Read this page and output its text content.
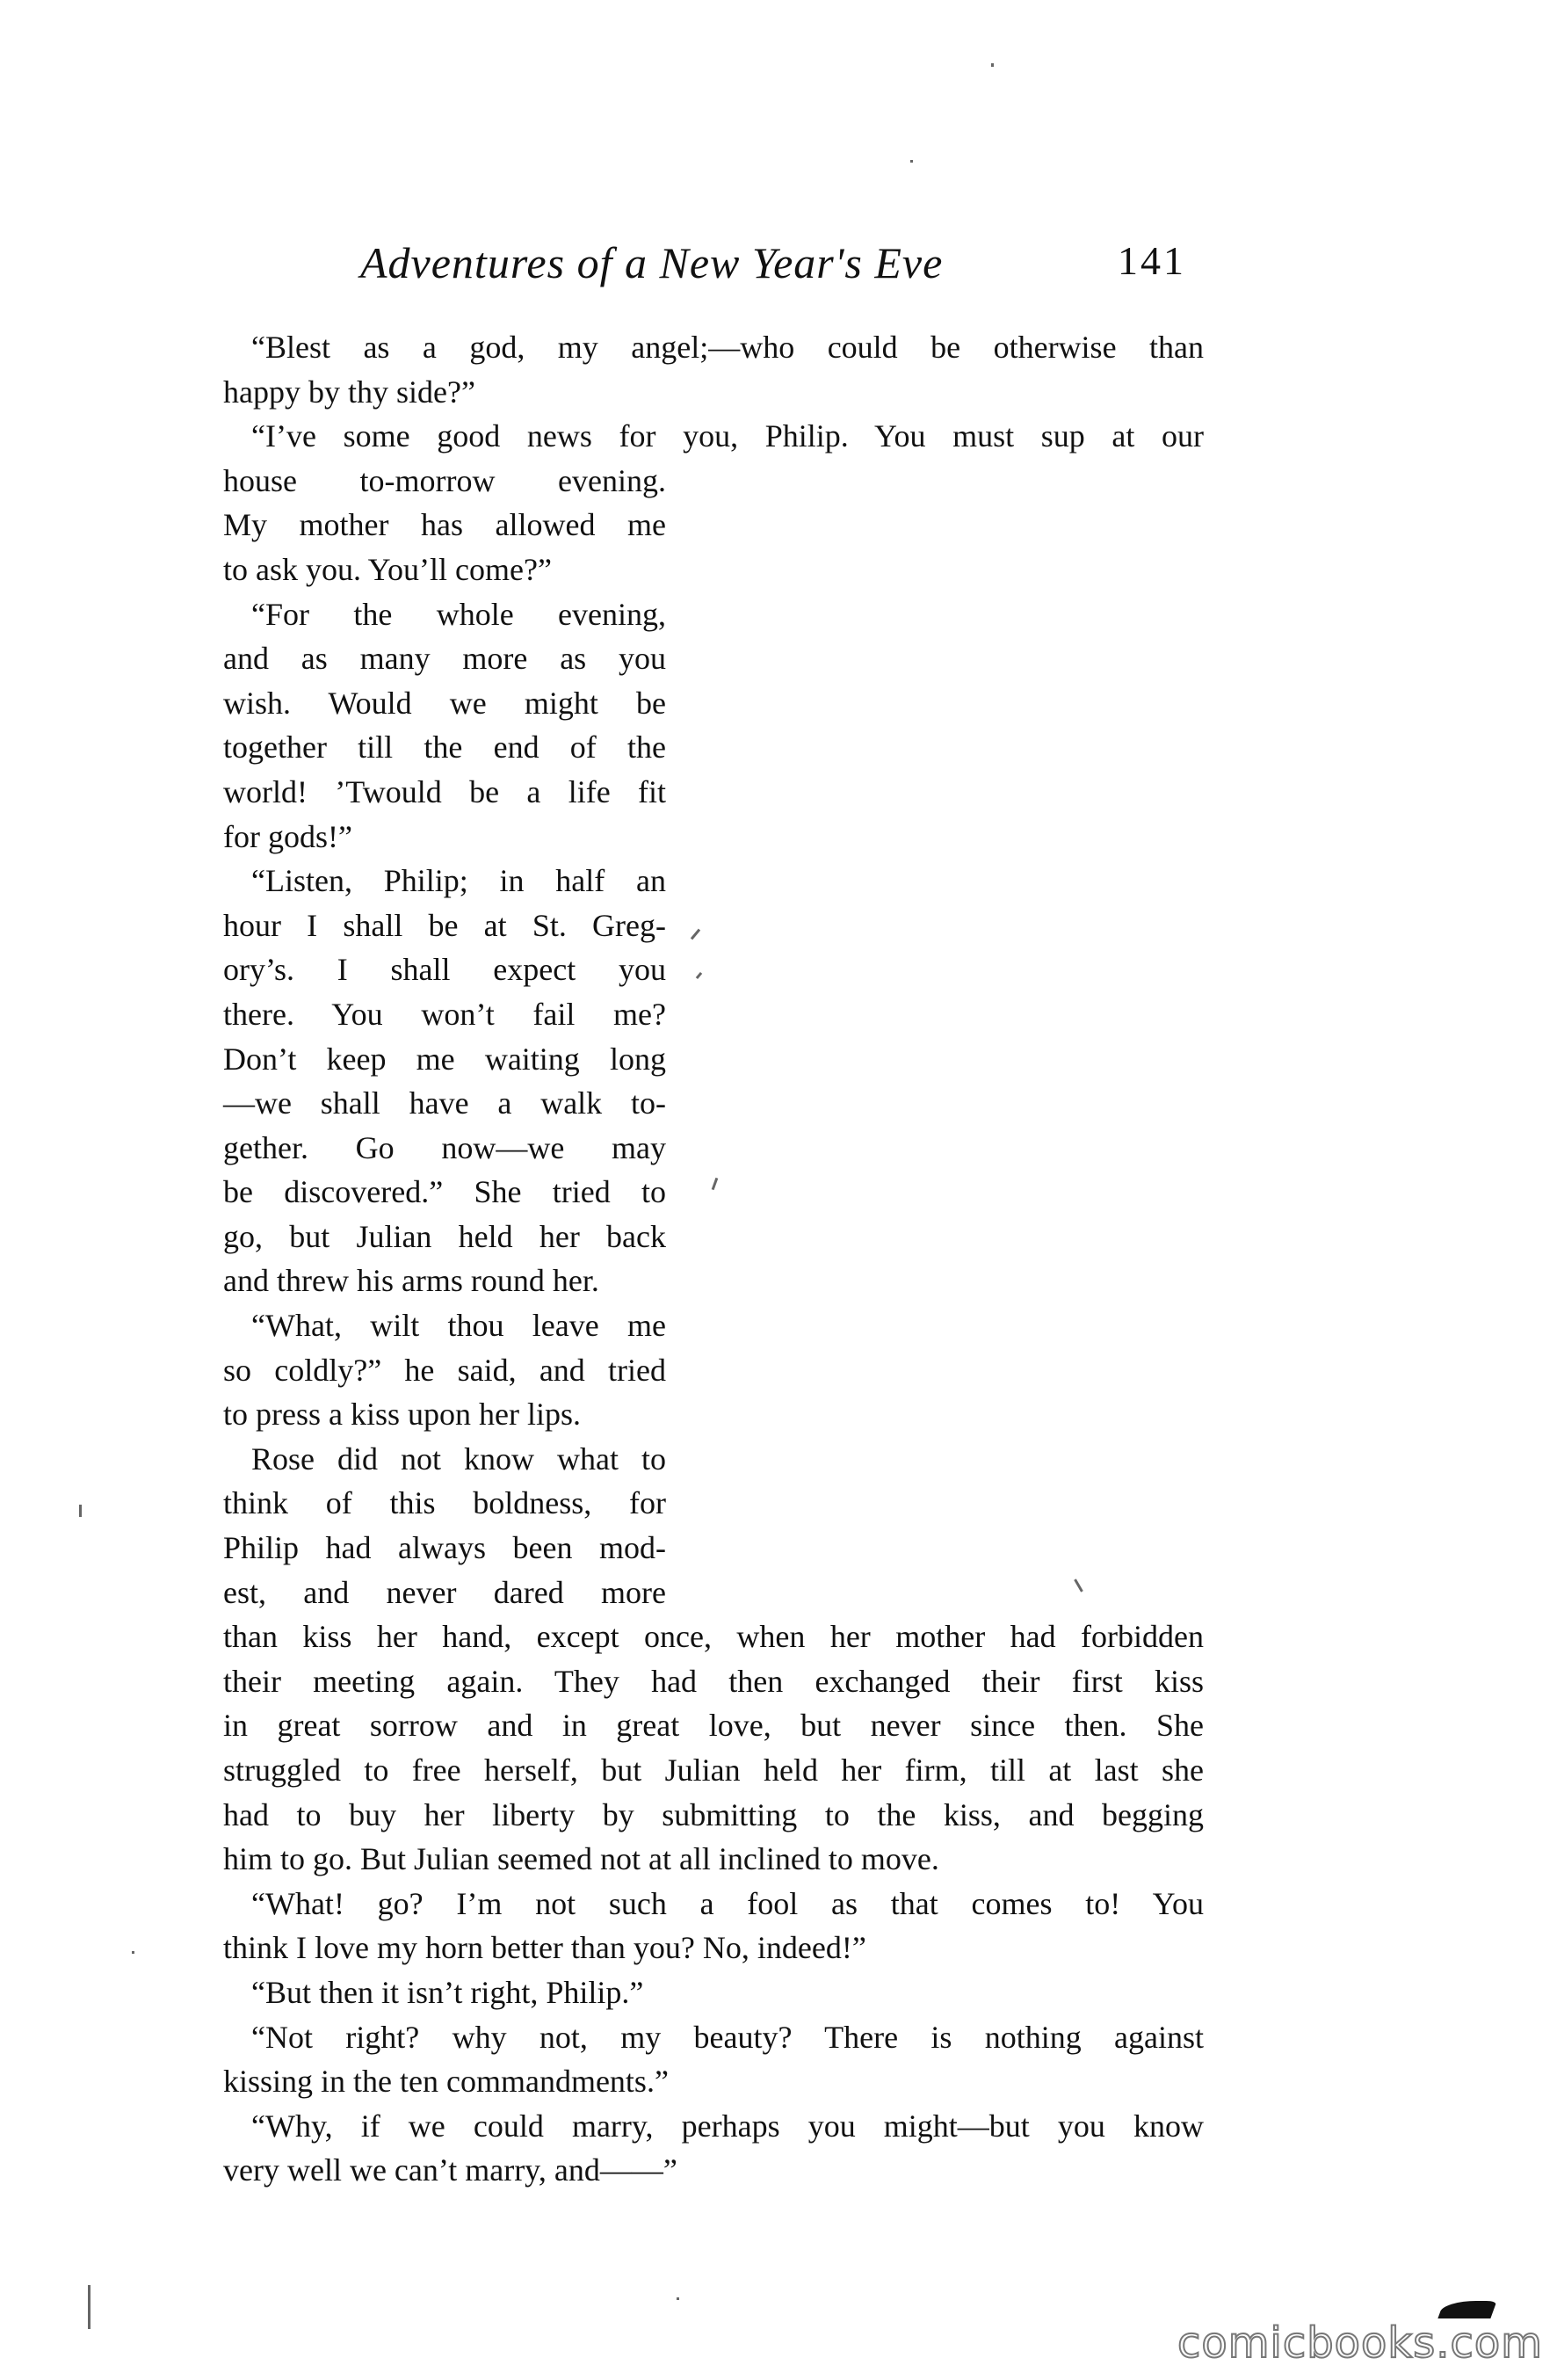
Adventures of a New Year's Eve	141

“Blest as a god, my angel;—who could be otherwise than
happy by thy side?”

“I’ve some good news for you, Philip. You must sup at our
house to-morrow evening.
My mother has allowed me
to ask you. You’ll come?”

“For the whole evening,
and as many more as you
wish. Would we might be
together till the end of the
world! ’Twould be a life fit
for gods!”

“Listen, Philip; in half an
hour I shall be at St. Greg-
ory’s. I shall expect you
there. You won’t fail me?
Don’t keep me waiting long
—we shall have a walk to-
gether. Go now—we may
be discovered.” She tried to
go, but Julian held her back
and threw his arms round her.

“What, wilt thou leave me
so coldly?” he said, and tried
to press a kiss upon her lips.

Rose did not know what to
think of this boldness, for
Philip had always been mod-
est, and never dared more
than kiss her hand, except once, when her mother had forbidden
their meeting again. They had then exchanged their first kiss
in great sorrow and in great love, but never since then. She
struggled to free herself, but Julian held her firm, till at last she
had to buy her liberty by submitting to the kiss, and begging
him to go. But Julian seemed not at all inclined to move.

“What! go? I’m not such a fool as that comes to! You
think I love my horn better than you? No, indeed!”

“But then it isn’t right, Philip.”

“Not right? why not, my beauty? There is nothing against
kissing in the ten commandments.”

“Why, if we could marry, perhaps you might—but you know
very well we can’t marry, and——”

comicbooks.com
